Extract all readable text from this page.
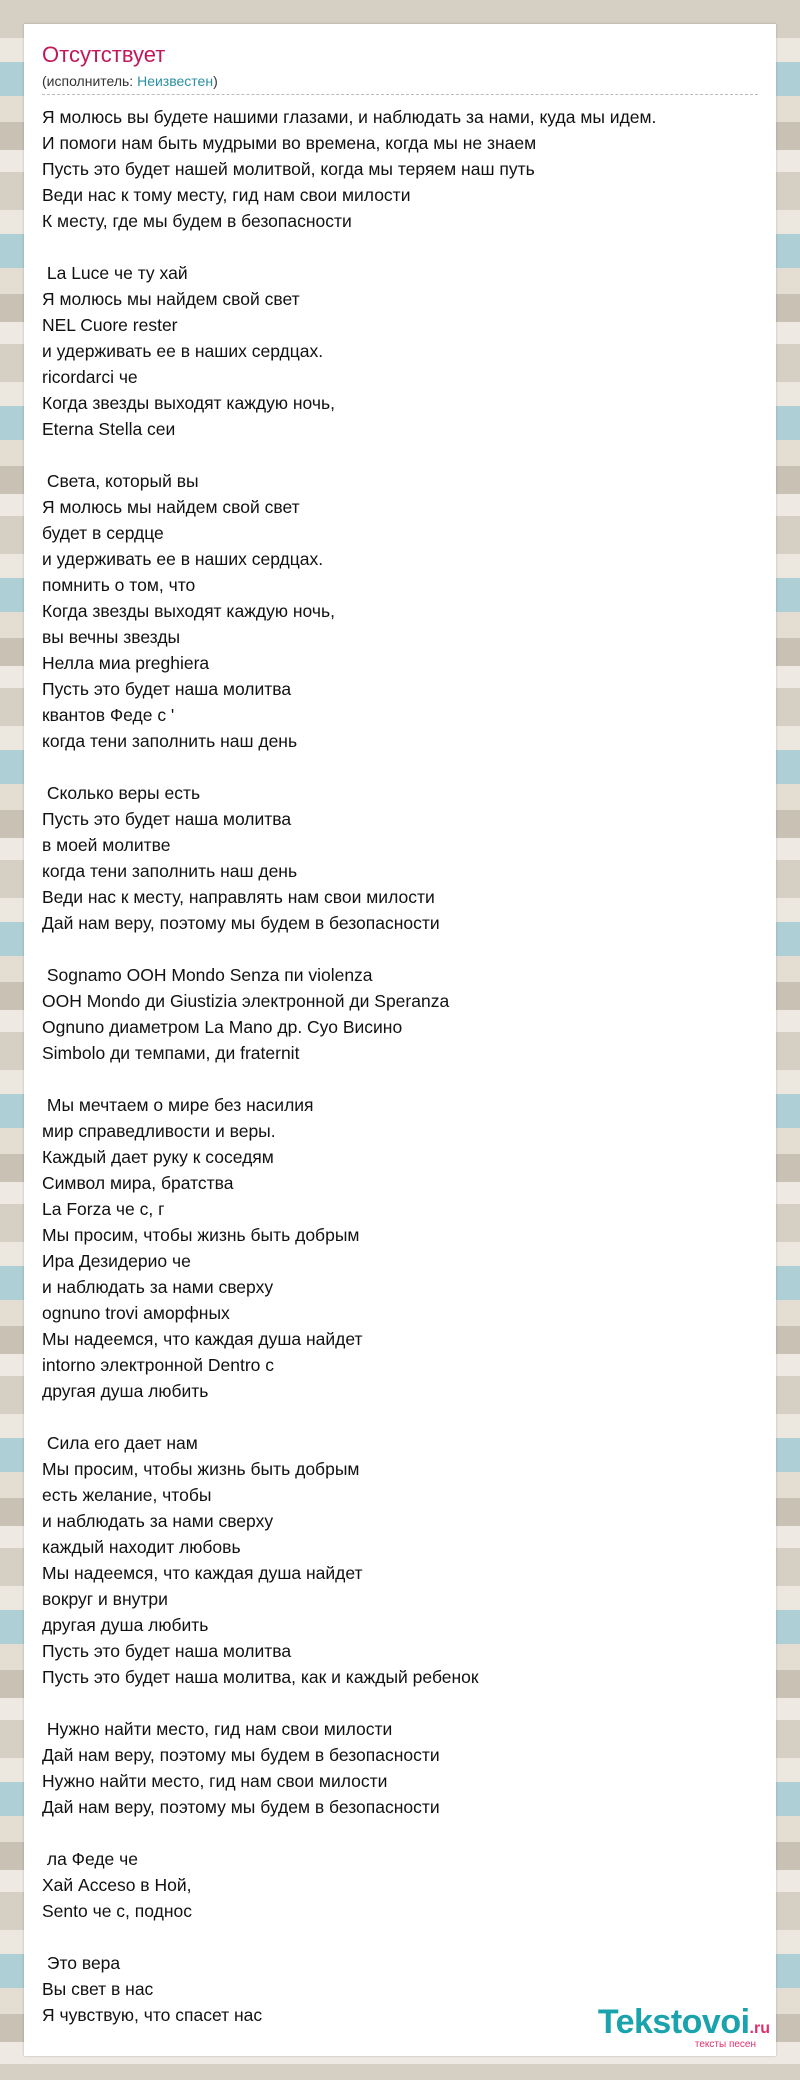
Отсутствует
(исполнитель: Неизвестен)
Я молюсь вы будете нашими глазами, и наблюдать за нами, куда мы идем.
И помоги нам быть мудрыми во времена, когда мы не знаем
Пусть это будет нашей молитвой, когда мы теряем наш путь
Веди нас к тому месту, гид нам свои милости
К месту, где мы будем в безопасности
La Luce че ту хай
Я молюсь мы найдем свой свет
NEL Cuore rester
и удерживать ее в наших сердцах.
ricordarci че
Когда звезды выходят каждую ночь,
Eterna Stella сеи
Света, который вы
Я молюсь мы найдем свой свет
будет в сердце
и удерживать ее в наших сердцах.
помнить о том, что
Когда звезды выходят каждую ночь,
вы вечны звезды
Нелла миа preghiera
Пусть это будет наша молитва
квантов Феде с '
когда тени заполнить наш день
Сколько веры есть
Пусть это будет наша молитва
в моей молитве
когда тени заполнить наш день
Веди нас к месту, направлять нам свои милости
Дай нам веру, поэтому мы будем в безопасности
Sognamo OOH Mondo Senza пи violenza
OOH Mondo ди Giustizia электронной ди Speranza
Ognuno диаметром La Mano др. Суо Висино
Simbolo ди темпами, ди fraternit
Мы мечтаем о мире без насилия
мир справедливости и веры.
Каждый дает руку к соседям
Символ мира, братства
La Forza че с, г
Мы просим, чтобы жизнь быть добрым
Ира Дезидерио че
и наблюдать за нами сверху
ognuno trovi аморфных
Мы надеемся, что каждая душа найдет
intorno электронной Dentro с
другая душа любить
Сила его дает нам
Мы просим, чтобы жизнь быть добрым
есть желание, чтобы
и наблюдать за нами сверху
каждый находит любовь
Мы надеемся, что каждая душа найдет
вокруг и внутри
другая душа любить
Пусть это будет наша молитва
Пусть это будет наша молитва, как и каждый ребенок
Нужно найти место, гид нам свои милости
Дай нам веру, поэтому мы будем в безопасности
Нужно найти место, гид нам свои милости
Дай нам веру, поэтому мы будем в безопасности
ла Феде че
Хай Acceso в Ной,
Sento че с, поднос
Это вера
Вы свет в нас
Я чувствую, что спасет нас	Tekstovoi.ru
тексты песен
